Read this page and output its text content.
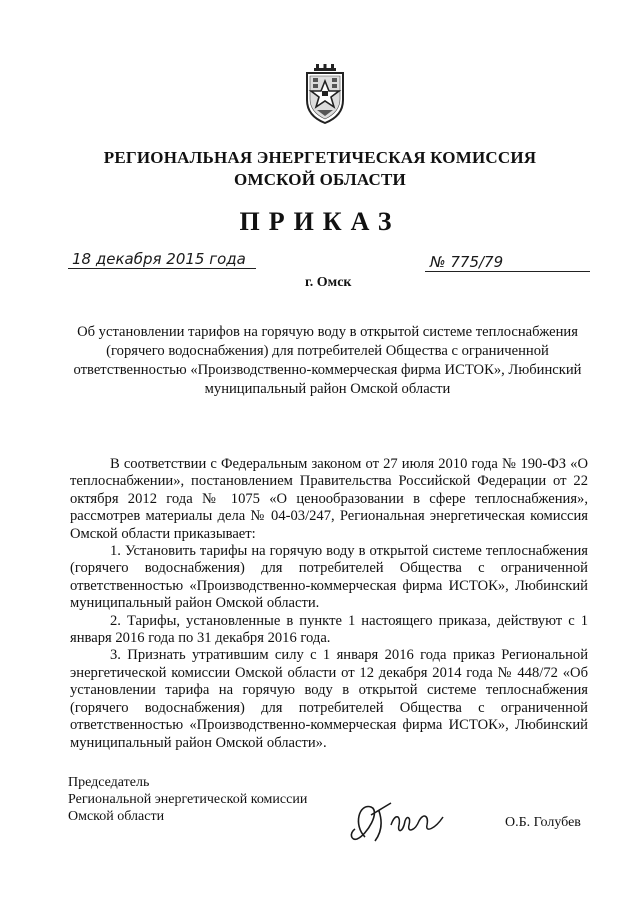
РЕГИОНАЛЬНАЯ ЭНЕРГЕТИЧЕСКАЯ КОМИССИЯ
ОМСКОЙ ОБЛАСТИ
ПРИКАЗ
18 декабря 2015 года
г. Омск
№ 775/79
Об установлении тарифов на горячую воду в открытой системе теплоснабжения (горячего водоснабжения) для потребителей Общества с ограниченной ответственностью «Производственно-коммерческая фирма ИСТОК», Любинский муниципальный район Омской области

В соответствии с Федеральным законом от 27 июля 2010 года № 190-ФЗ «О теплоснабжении», постановлением Правительства Российской Федерации от 22 октября 2012 года № 1075 «О ценообразовании в сфере теплоснабжения», рассмотрев материалы дела № 04-03/247, Региональная энергетическая комиссия Омской области приказывает:

1. Установить тарифы на горячую воду в открытой системе теплоснабжения (горячего водоснабжения) для потребителей Общества с ограниченной ответственностью «Производственно-коммерческая фирма ИСТОК», Любинский муниципальный район Омской области.

2. Тарифы, установленные в пункте 1 настоящего приказа, действуют с 1 января 2016 года по 31 декабря 2016 года.

3. Признать утратившим силу с 1 января 2016 года приказ Региональной энергетической комиссии Омской области от 12 декабря 2014 года № 448/72 «Об установлении тарифа на горячую воду в открытой системе теплоснабжения (горячего водоснабжения) для потребителей Общества с ограниченной ответственностью «Производственно-коммерческая фирма ИСТОК», Любинский муниципальный район Омской области».

Председатель
Региональной энергетической комиссии
Омской области	О.Б. Голубев
